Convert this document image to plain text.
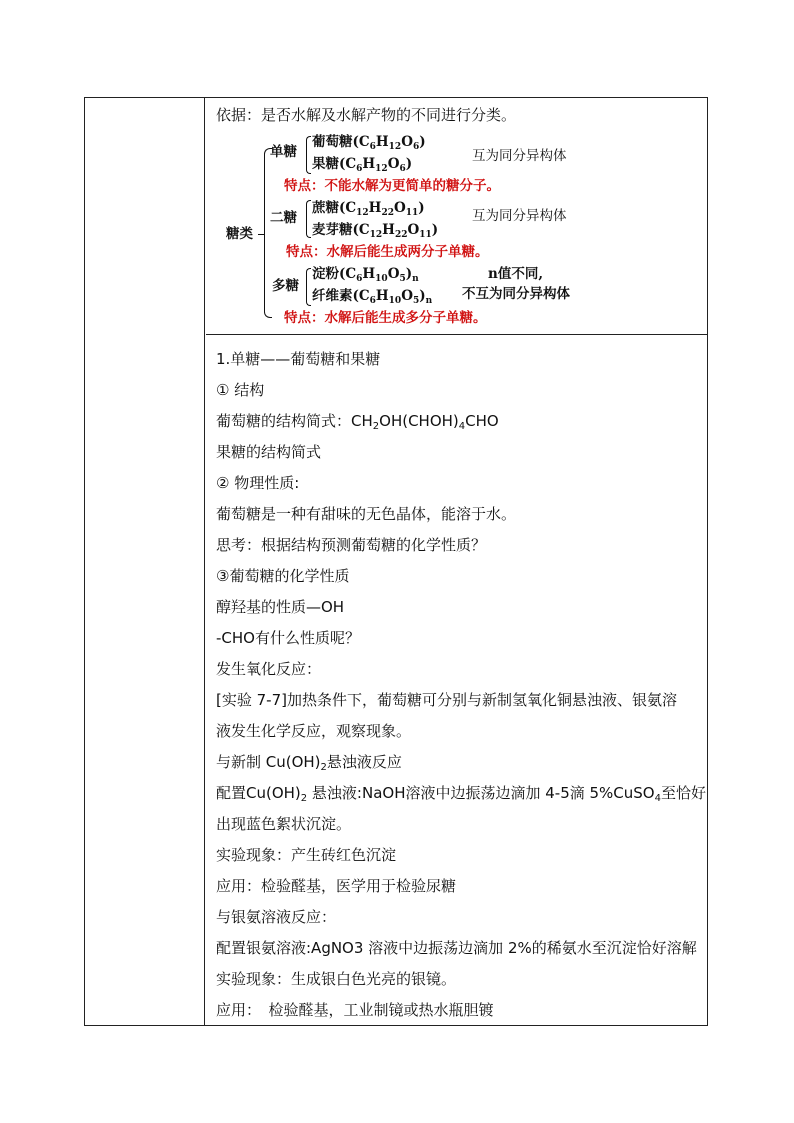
依据：是否水解及水解产物的不同进行分类。
糖类
单糖
葡萄糖$(C_6H_{12}O_6)$
果糖$(C_6H_{12}O_6)$	互为同分异构体
特点：不能水解为更简单的糖分子。
二糖
蔗糖$(C_{12}H_{22}O_{11})$
麦芽糖$(C_{12}H_{22}O_{11})$
互为同分异构体
特点：水解后能生成两分子单糖。
多糖
淀粉$(C_6H_{10}O_5)_n$
纤维素$(C_6H_{10}O_5)_n$
n值不同,
不互为同分异构体
特点：水解后能生成多分子单糖。
1.单糖——葡萄糖和果糖
① 结构
葡萄糖的结构简式：$CH_2OH(CHOH)_4CHO$
果糖的结构简式
② 物理性质:
葡萄糖是一种有甜味的无色晶体，能溶于水。
思考：根据结构预测葡萄糖的化学性质？
③葡萄糖的化学性质
醇羟基的性质—OH
-CHO有什么性质呢？
发生氧化反应：
[实验 7-7]加热条件下，葡萄糖可分别与新制氢氧化铜悬浊液、银氨溶
液发生化学反应，观察现象。
与新制 $Cu(OH)_2$悬浊液反应
配置$Cu(OH)_2$ 悬浊液:NaOH溶液中边振荡边滴加 4-5滴 5%CuSO$_4$至恰好
出现蓝色絮状沉淀。
实验现象：产生砖红色沉淀
应用：检验醛基，医学用于检验尿糖
与银氨溶液反应：
配置银氨溶液:AgNO3 溶液中边振荡边滴加 2%的稀氨水至沉淀恰好溶解
实验现象：生成银白色光亮的银镜。
应用：　检验醛基，工业制镜或热水瓶胆镀
